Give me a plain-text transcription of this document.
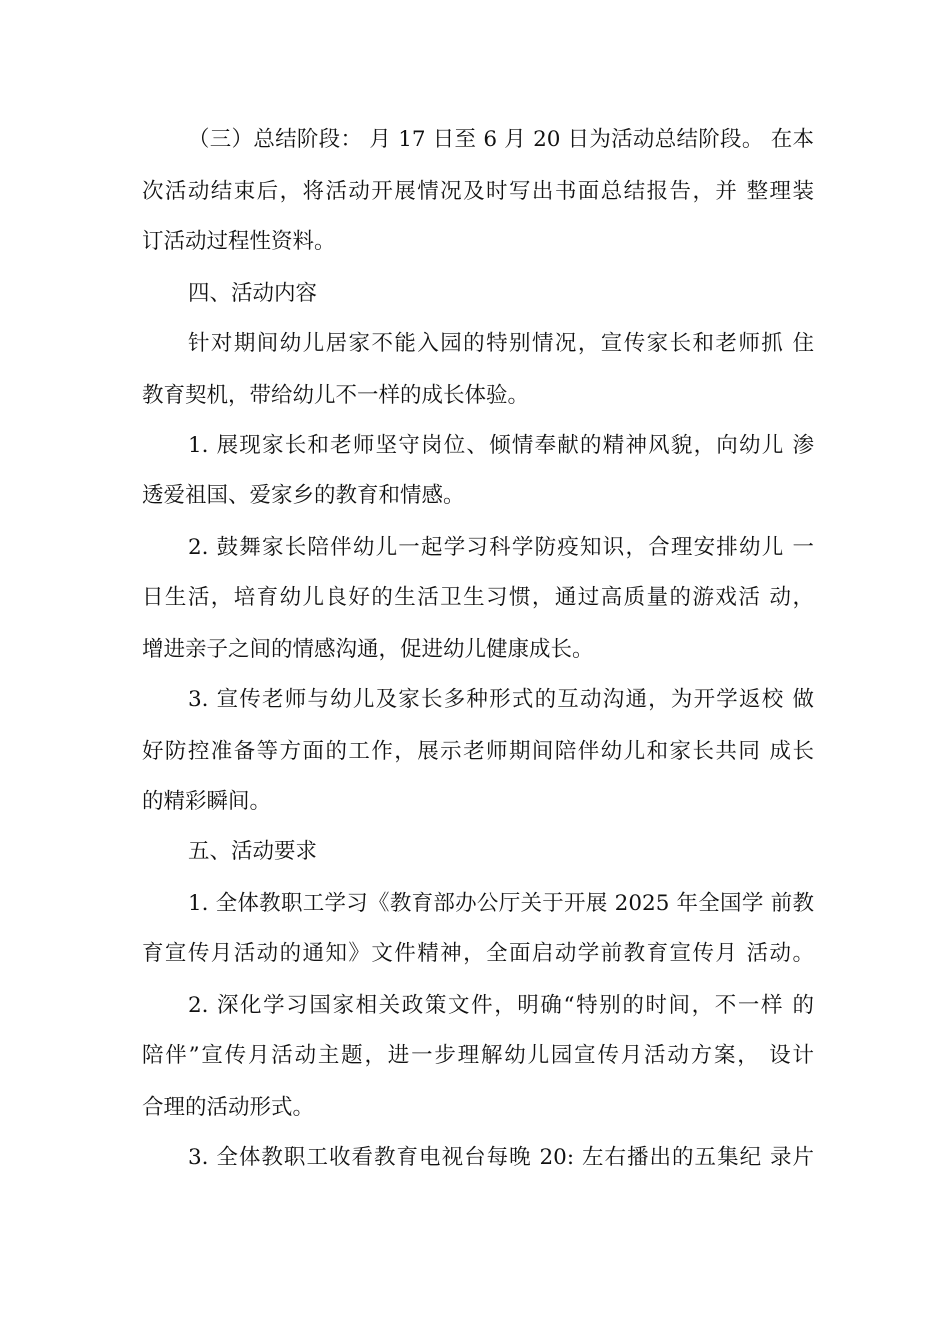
（三）总结阶段： 月 17 日至 6 月 20 日为活动总结阶段。 在本
次活动结束后，将活动开展情况及时写出书面总结报告，并 整理装
订活动过程性资料。
四、活动内容
针对期间幼儿居家不能入园的特别情况，宣传家长和老师抓 住
教育契机，带给幼儿不一样的成长体验。
1. 展现家长和老师坚守岗位、倾情奉献的精神风貌，向幼儿 渗
透爱祖国、爱家乡的教育和情感。
2. 鼓舞家长陪伴幼儿一起学习科学防疫知识，合理安排幼儿 一
日生活，培育幼儿良好的生活卫生习惯，通过高质量的游戏活 动，
增进亲子之间的情感沟通，促进幼儿健康成长。
3. 宣传老师与幼儿及家长多种形式的互动沟通，为开学返校 做
好防控准备等方面的工作，展示老师期间陪伴幼儿和家长共同 成长
的精彩瞬间。
五、活动要求
1. 全体教职工学习《教育部办公厅关于开展 2025 年全国学 前教
育宣传月活动的通知》文件精神，全面启动学前教育宣传月 活动。
2. 深化学习国家相关政策文件，明确“特别的时间，不一样 的
陪伴”宣传月活动主题，进一步理解幼儿园宣传月活动方案， 设计
合理的活动形式。
3. 全体教职工收看教育电视台每晚 20: 左右播出的五集纪 录片
